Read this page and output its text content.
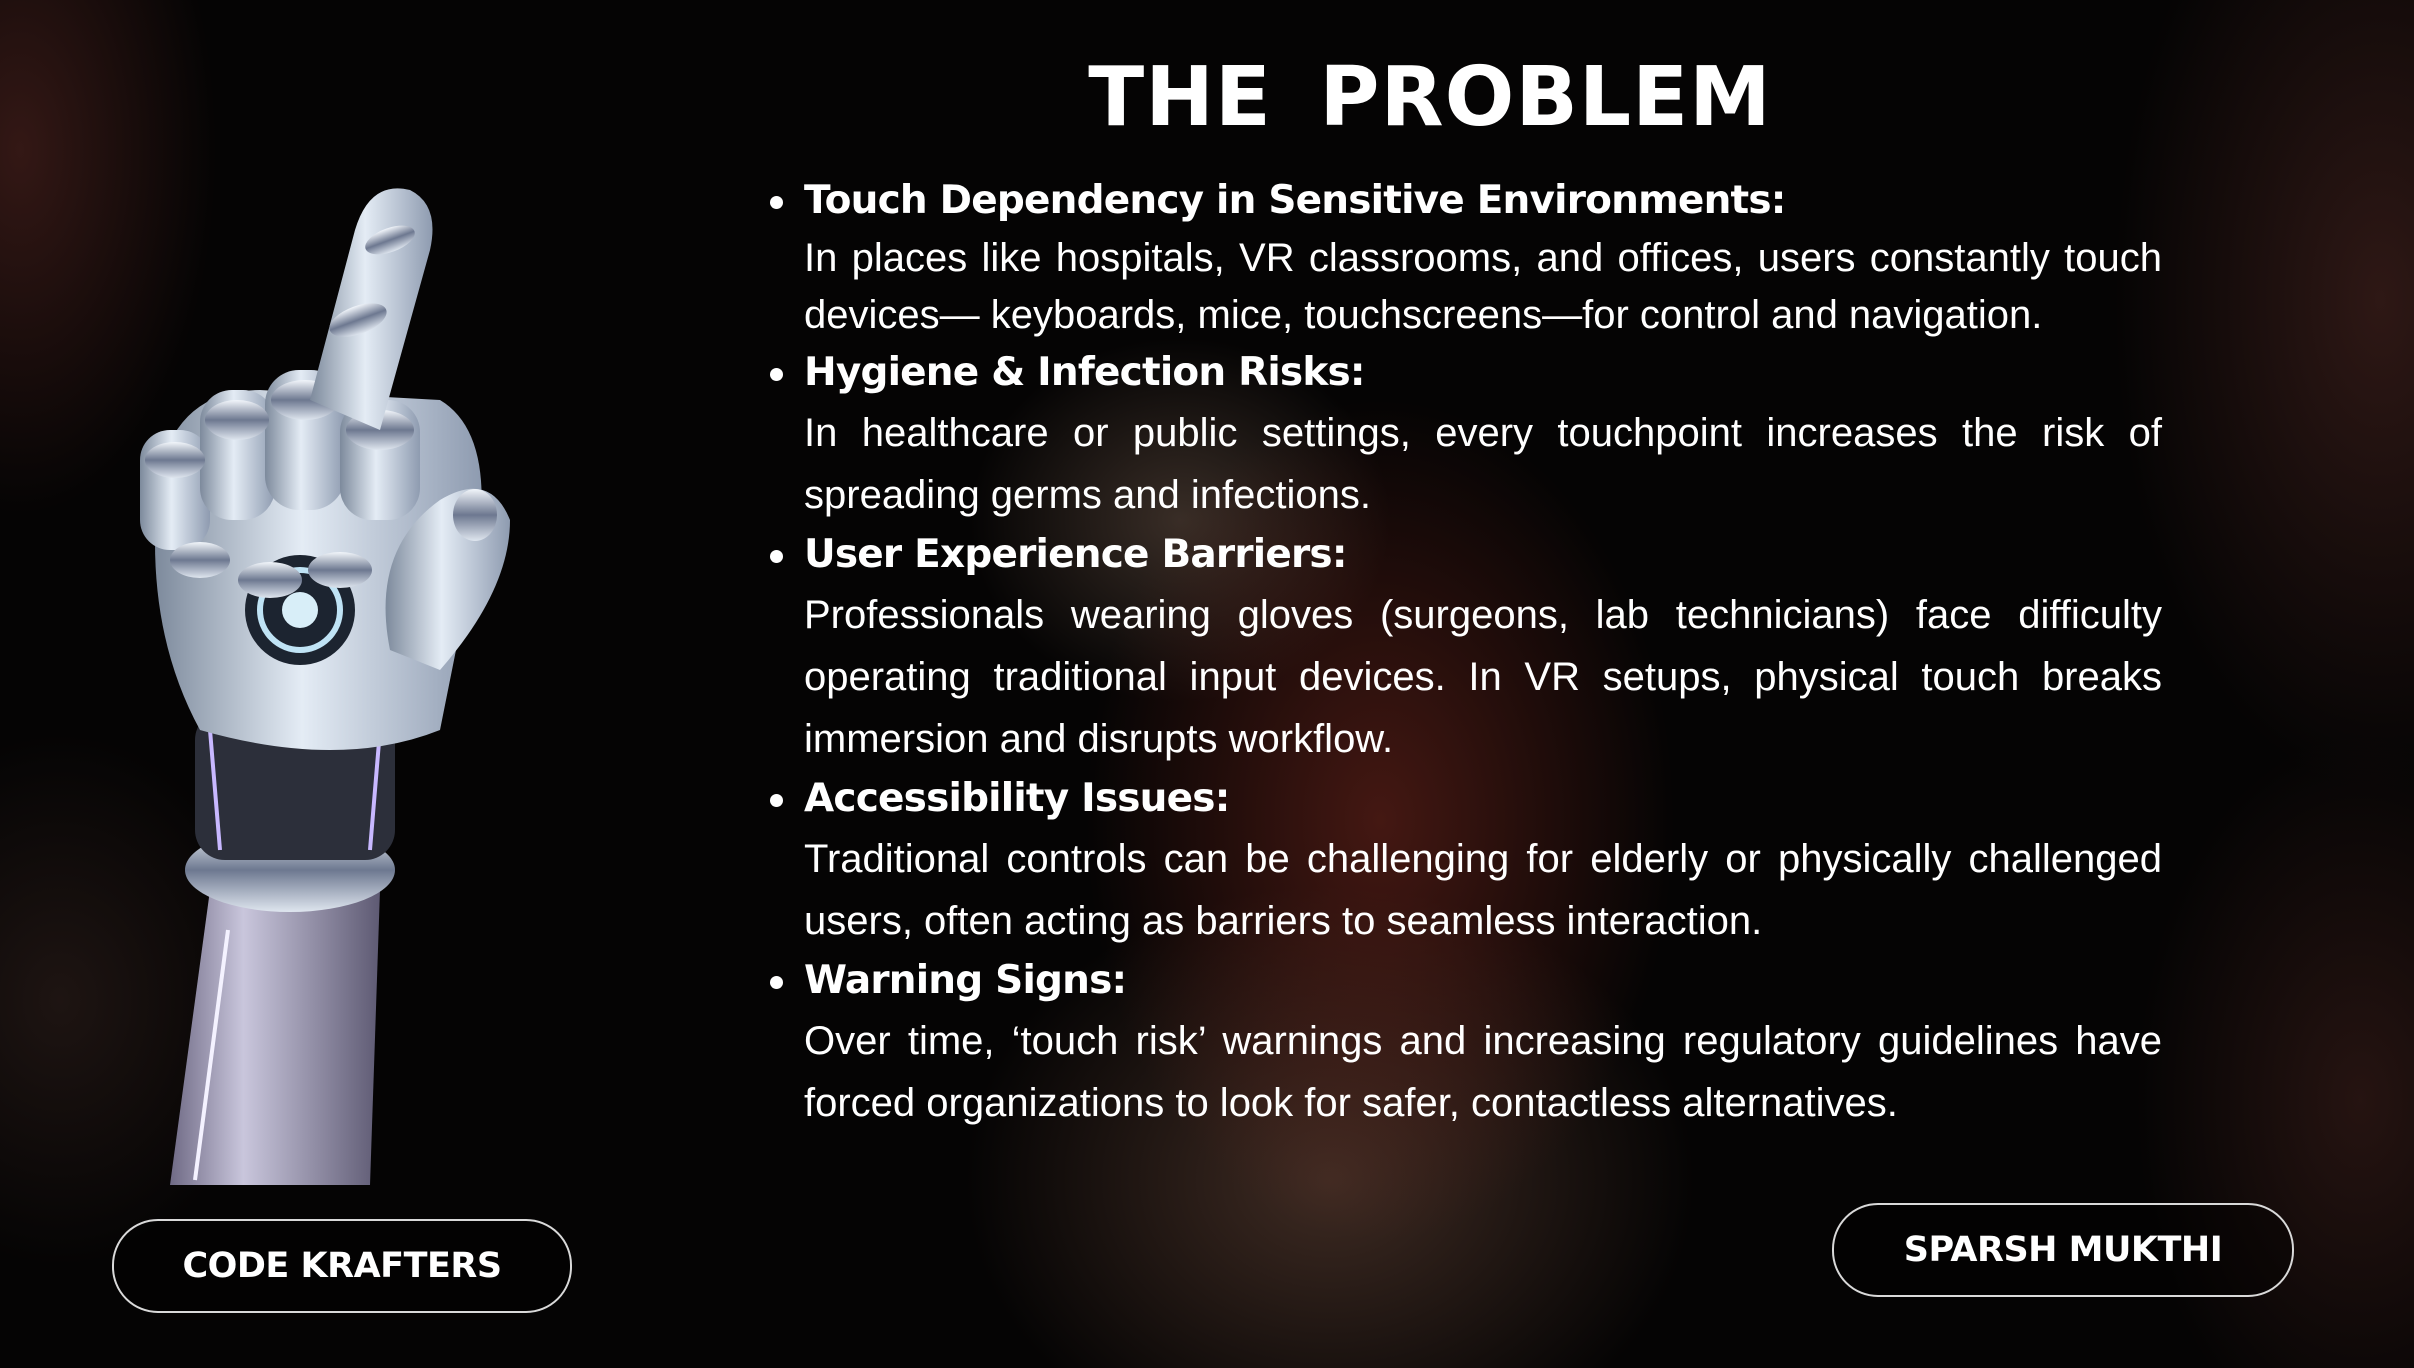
THE PROBLEM
Touch Dependency in Sensitive Environments:
In places like hospitals, VR classrooms, and offices, users constantly touch devices— keyboards, mice, touchscreens—for control and navigation.
Hygiene & Infection Risks:
In healthcare or public settings, every touchpoint increases the risk of spreading germs and infections.
User Experience Barriers:
Professionals wearing gloves (surgeons, lab technicians) face difficulty operating traditional input devices. In VR setups, physical touch breaks immersion and disrupts workflow.
Accessibility Issues:
Traditional controls can be challenging for elderly or physically challenged users, often acting as barriers to seamless interaction.
Warning Signs:
Over time, ‘touch risk’ warnings and increasing regulatory guidelines have forced organizations to look for safer, contactless alternatives.
CODE KRAFTERS	SPARSH MUKTHI
